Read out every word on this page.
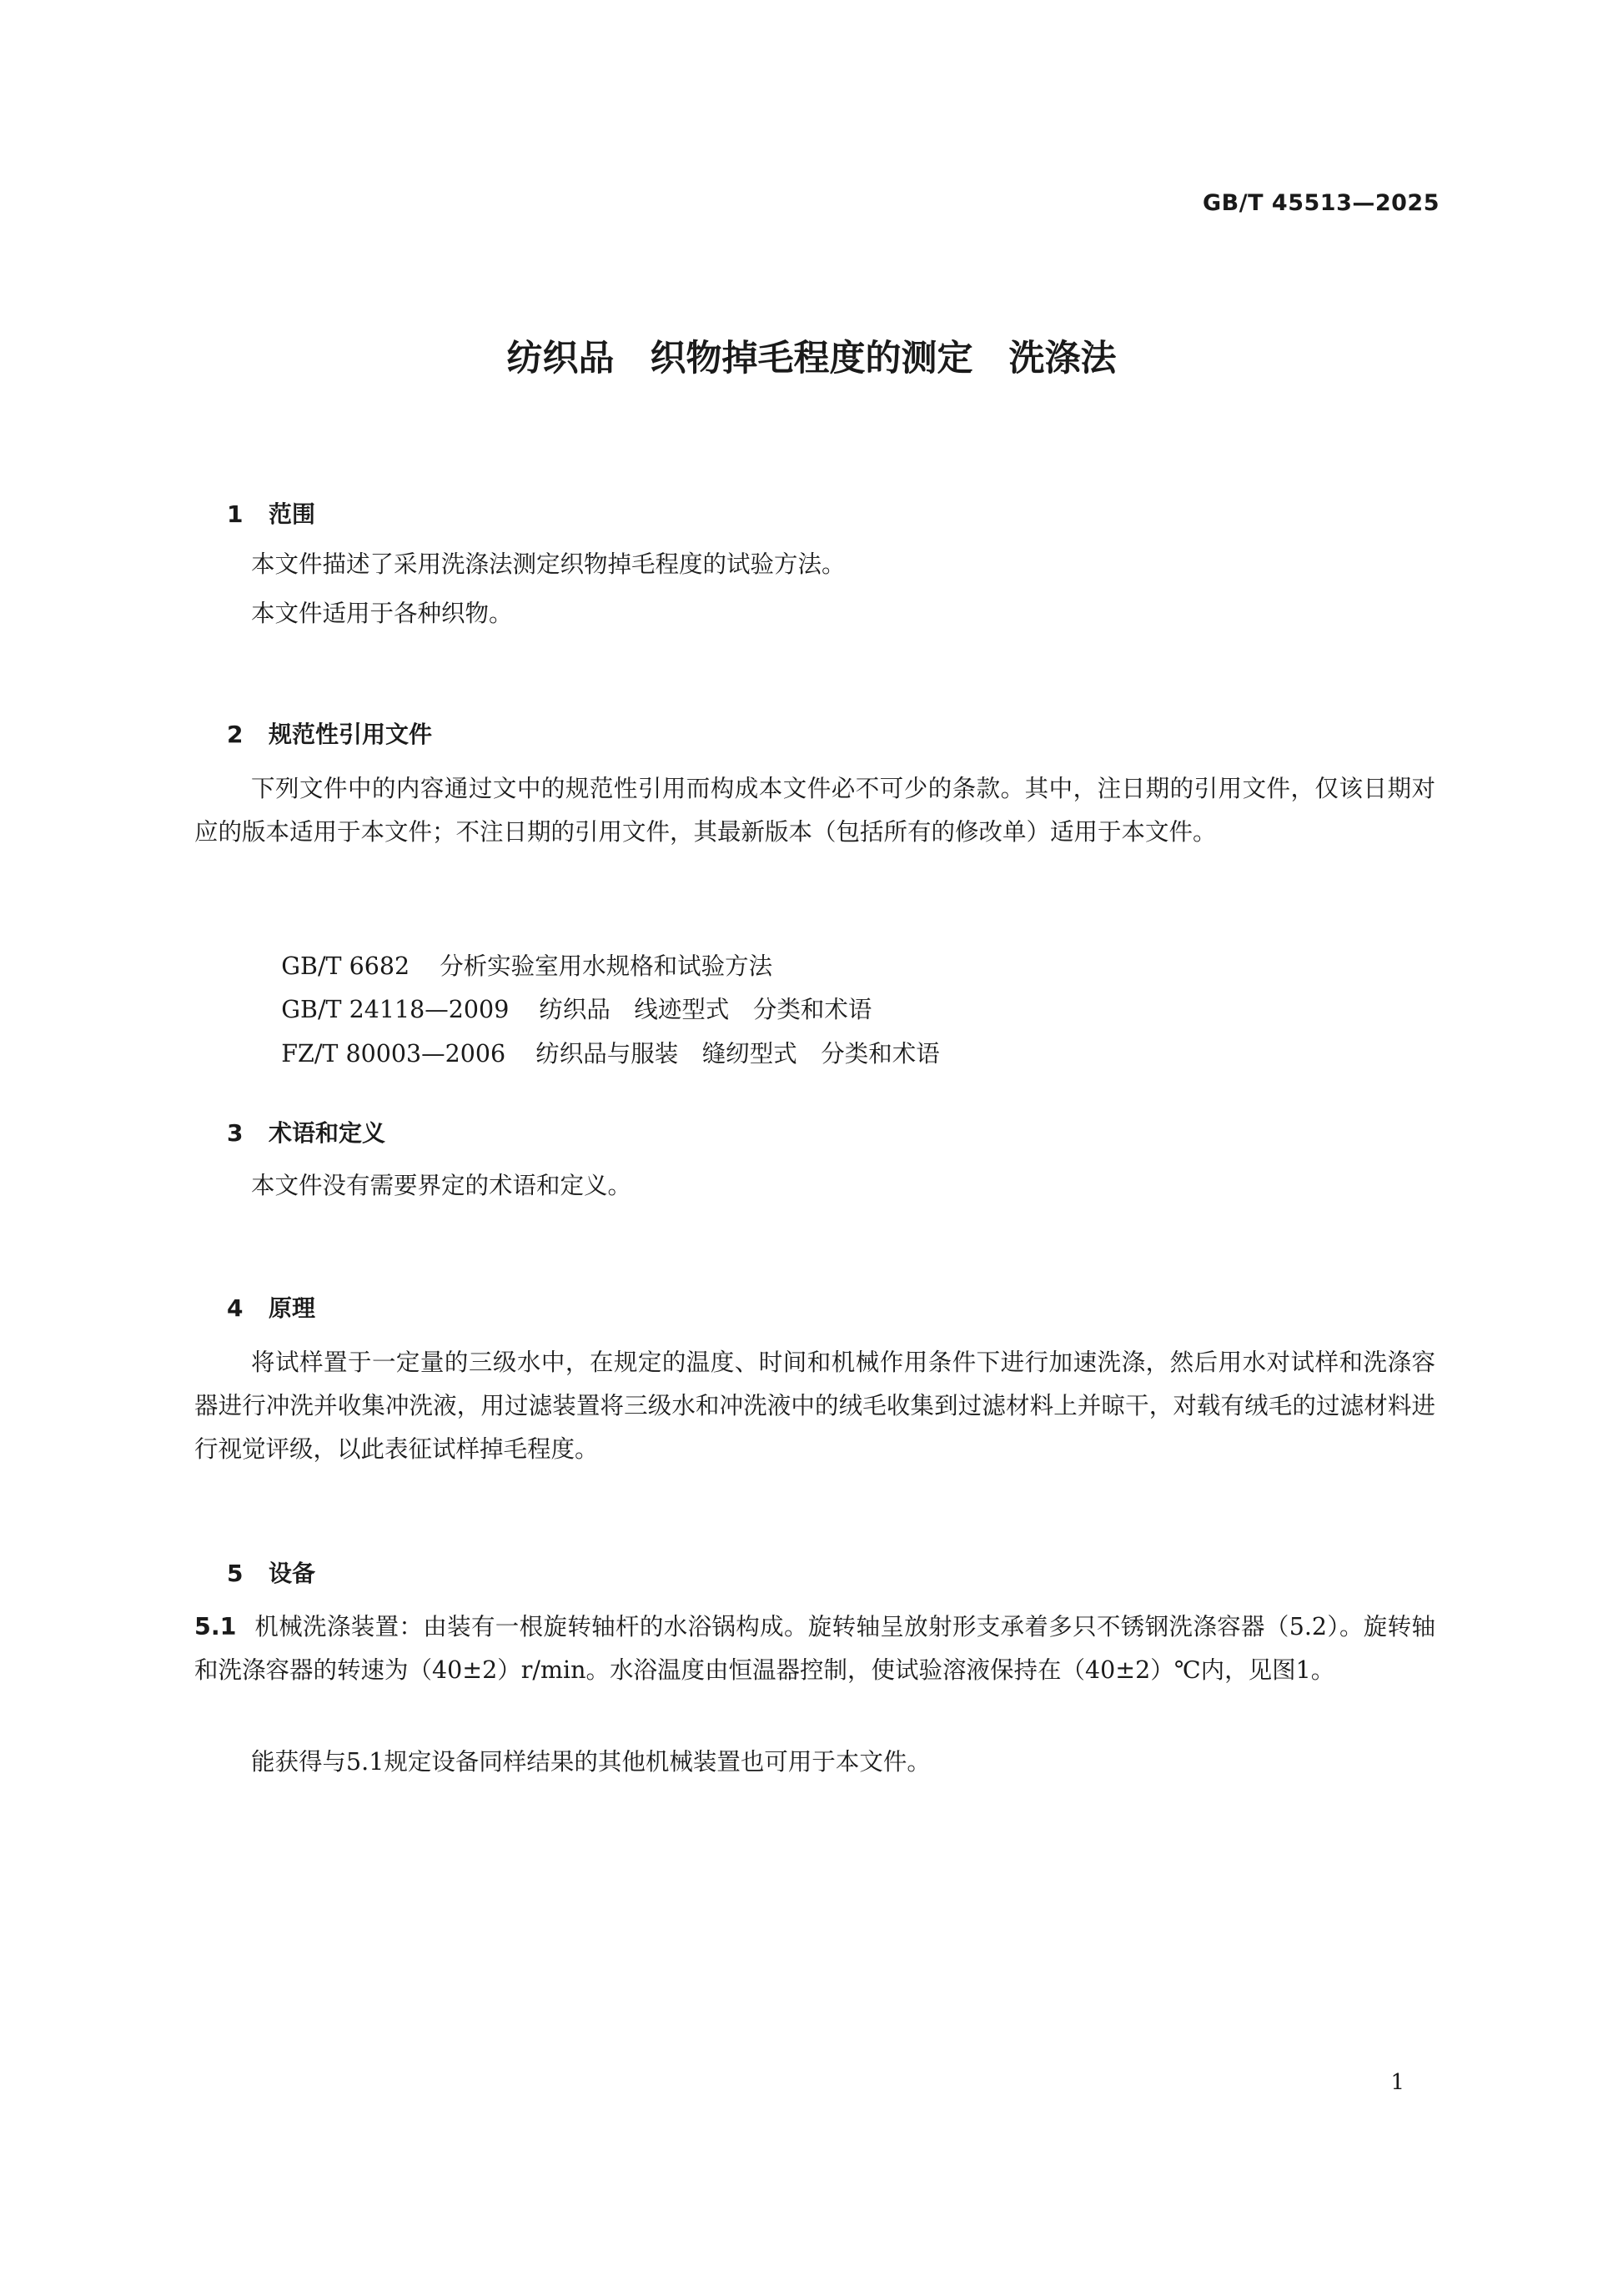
GB/T 45513—2025
纺织品　织物掉毛程度的测定　洗涤法

1 范围

本文件描述了采用洗涤法测定织物掉毛程度的试验方法。
本文件适用于各种织物。

2 规范性引用文件

下列文件中的内容通过文中的规范性引用而构成本文件必不可少的条款。其中，注日期的引用文件，仅该日期对应的版本适用于本文件；不注日期的引用文件，其最新版本（包括所有的修改单）适用于本文件。

GB/T 6682 分析实验室用水规格和试验方法

GB/T 24118—2009 纺织品　线迹型式　分类和术语

FZ/T 80003—2006 纺织品与服装　缝纫型式　分类和术语

3 术语和定义

本文件没有需要界定的术语和定义。

4 原理

将试样置于一定量的三级水中，在规定的温度、时间和机械作用条件下进行加速洗涤，然后用水对试样和洗涤容器进行冲洗并收集冲洗液，用过滤装置将三级水和冲洗液中的绒毛收集到过滤材料上并晾干，对载有绒毛的过滤材料进行视觉评级，以此表征试样掉毛程度。

5 设备

5.1 机械洗涤装置：由装有一根旋转轴杆的水浴锅构成。旋转轴呈放射形支承着多只不锈钢洗涤容器（5.2）。旋转轴和洗涤容器的转速为（40±2）r/min。水浴温度由恒温器控制，使试验溶液保持在（40±2）℃内，见图1。

能获得与5.1规定设备同样结果的其他机械装置也可用于本文件。
1
